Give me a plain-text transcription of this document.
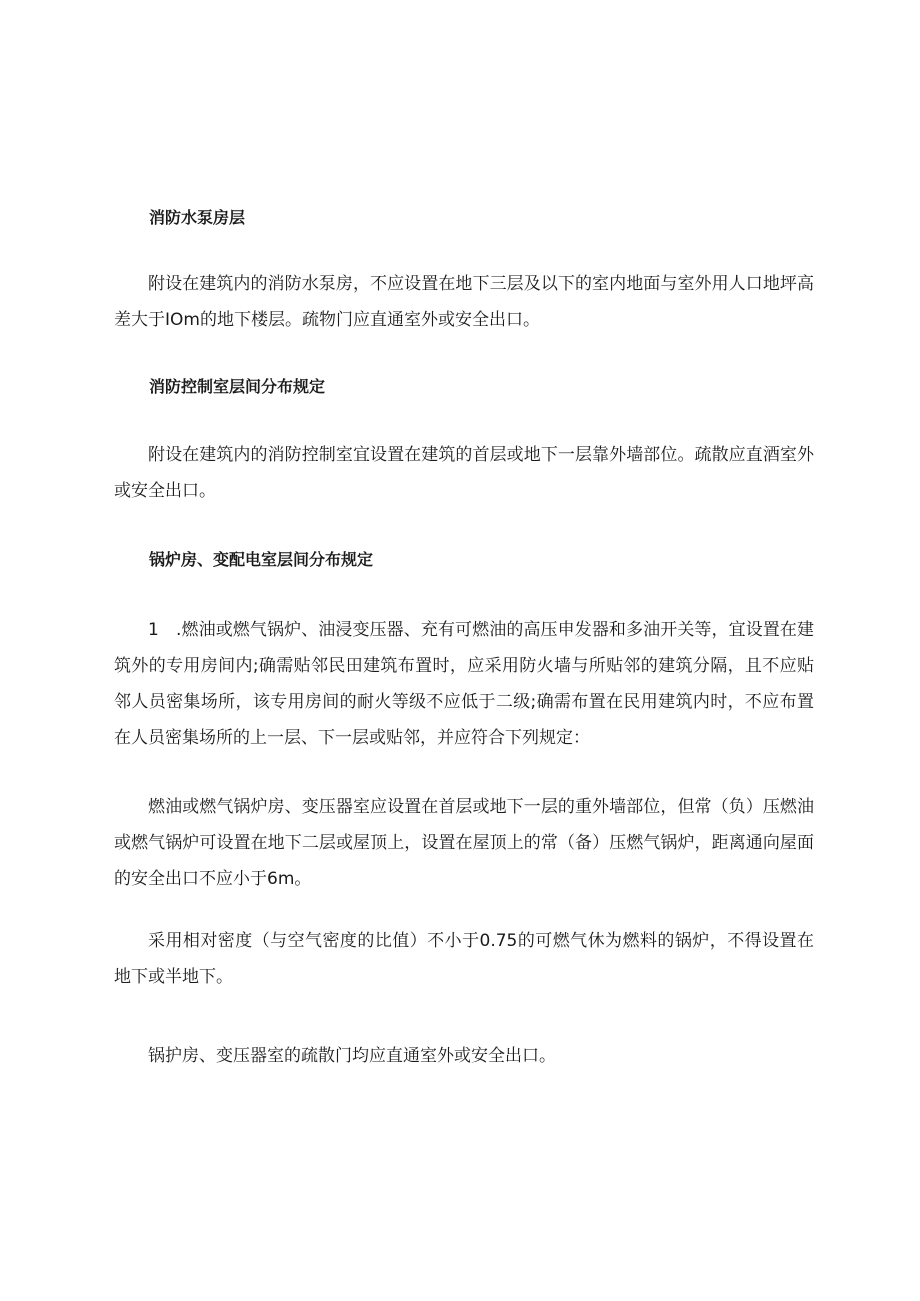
消防水泵房层
附设在建筑内的消防水泵房，不应设置在地下三层及以下的室内地面与室外用人口地坪高差大于IOm的地下楼层。疏物门应直通室外或安全出口。
消防控制室层间分布规定
附设在建筑内的消防控制室宜设置在建筑的首层或地下一层靠外墙部位。疏散应直酒室外或安全出口。
锅炉房、变配电室层间分布规定
1　.燃油或燃气锅炉、油浸变压器、充有可燃油的高压申发器和多油开关等，宜设置在建筑外的专用房间内;确需贴邻民田建筑布置时，应采用防火墙与所贴邻的建筑分隔，且不应贴邻人员密集场所，该专用房间的耐火等级不应低于二级;确需布置在民用建筑内时，不应布置在人员密集场所的上一层、下一层或贴邻，并应符合下列规定：
燃油或燃气锅炉房、变压器室应设置在首层或地下一层的重外墙部位，但常（负）压燃油或燃气锅炉可设置在地下二层或屋顶上，设置在屋顶上的常（备）压燃气锅炉，距离通向屋面的安全出口不应小于6m。
采用相对密度（与空气密度的比值）不小于0.75的可燃气休为燃料的锅炉，不得设置在地下或半地下。
锅护房、变压器室的疏散门均应直通室外或安全出口。
